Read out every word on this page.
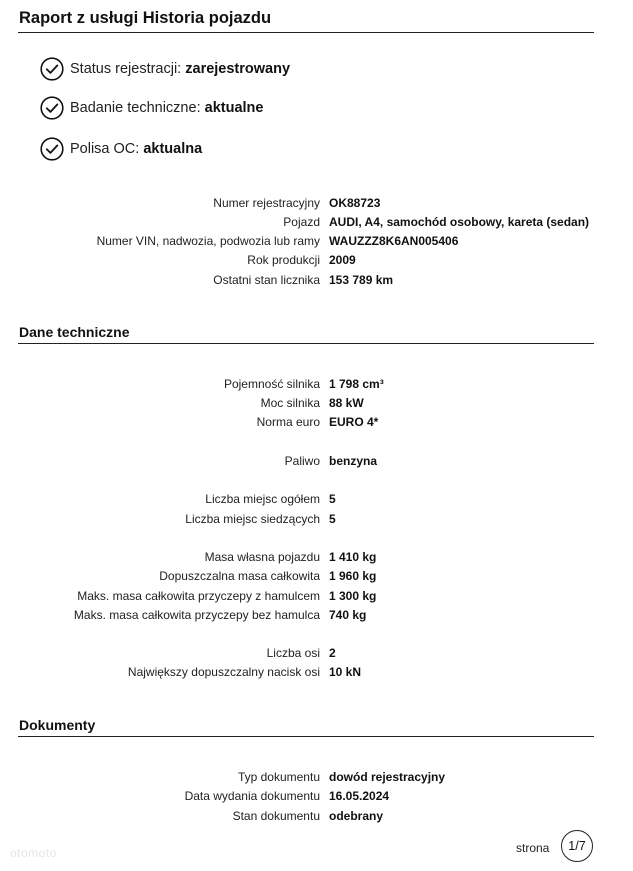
Raport z usługi Historia pojazdu
Status rejestracji: zarejestrowany
Badanie techniczne: aktualne
Polisa OC: aktualna
Numer rejestracyjny OK88723
Pojazd AUDI, A4, samochód osobowy, kareta (sedan)
Numer VIN, nadwozia, podwozia lub ramy WAUZZZ8K6AN005406
Rok produkcji 2009
Ostatni stan licznika 153 789 km
Dane techniczne
Pojemność silnika 1 798 cm³
Moc silnika 88 kW
Norma euro EURO 4*
Paliwo benzyna
Liczba miejsc ogółem 5
Liczba miejsc siedzących 5
Masa własna pojazdu 1 410 kg
Dopuszczalna masa całkowita 1 960 kg
Maks. masa całkowita przyczepy z hamulcem 1 300 kg
Maks. masa całkowita przyczepy bez hamulca 740 kg
Liczba osi 2
Największy dopuszczalny nacisk osi 10 kN
Dokumenty
Typ dokumentu dowód rejestracyjny
Data wydania dokumentu 16.05.2024
Stan dokumentu odebrany
otomoto	strona 1/7
